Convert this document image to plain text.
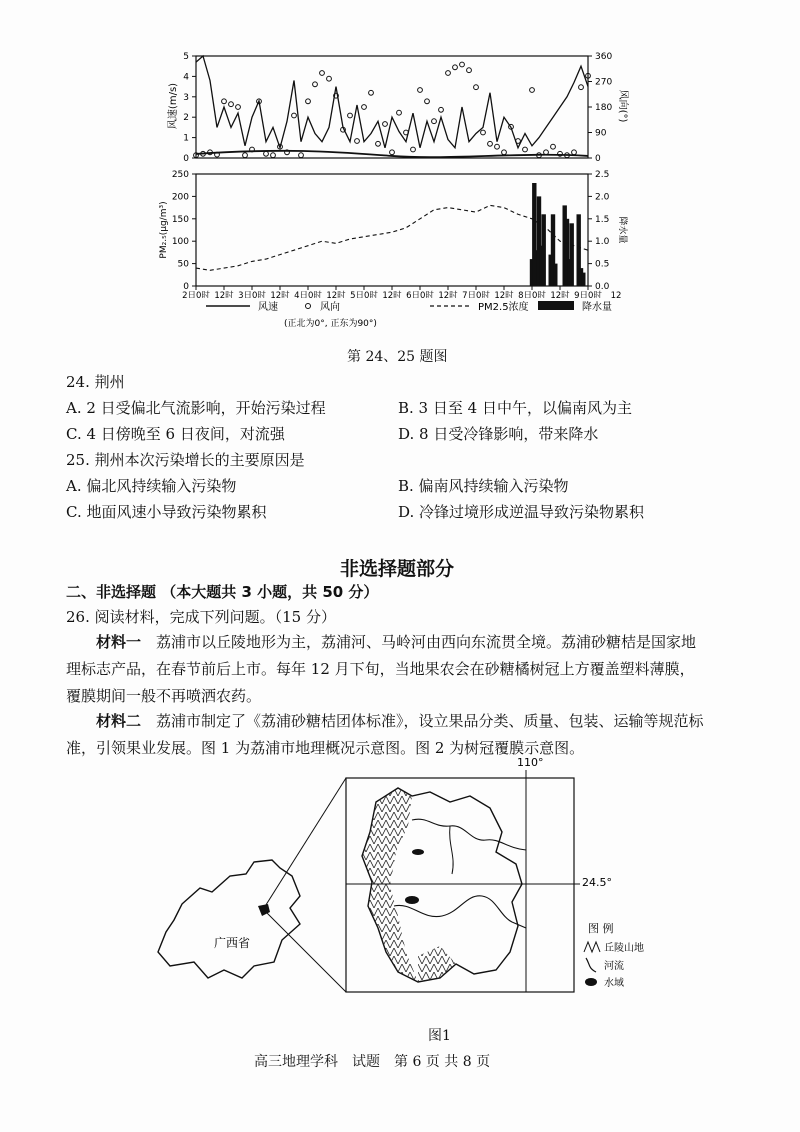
风速(m/s)	风向(°)
0
1
2
3
4
5
0
90
180
270
360
PM₂.₅(μg/m³)	降水量
0
50
100
150
200
250
0.0
0.5
1.0
1.5
2.0
2.5
2日0时 12时 3日0时 12时 4日0时 12时 5日0时 12时 6日0时 12时 7日0时 12时 8日0时 12时 9日0时 12
风速	风向	PM2.5浓度	降水量
(正北为0°, 正东为90°)
第 24、25 题图
24. 荆州
A. 2 日受偏北气流影响，开始污染过程	B. 3 日至 4 日中午，以偏南风为主
C. 4 日傍晚至 6 日夜间，对流强	D. 8 日受冷锋影响，带来降水
25. 荆州本次污染增长的主要原因是
A. 偏北风持续输入污染物	B. 偏南风持续输入污染物
C. 地面风速小导致污染物累积	D. 冷锋过境形成逆温导致污染物累积
非选择题部分
二、非选择题 （本大题共 3 小题，共 50 分）
26. 阅读材料，完成下列问题。（15 分）
材料一　 荔浦市以丘陵地形为主，荔浦河、马岭河由西向东流贯全境。荔浦砂糖桔是国家地理标志产品，在春节前后上市。每年 12 月下旬，当地果农会在砂糖橘树冠上方覆盖塑料薄膜，覆膜期间一般不再喷洒农药。
材料二　 荔浦市制定了《荔浦砂糖桔团体标准》，设立果品分类、质量、包装、运输等规范标准，引领果业发展。图 1 为荔浦市地理概况示意图。图 2 为树冠覆膜示意图。
广西省
110°
24.5°
图 例
丘陵山地
河流
水域
图1
高三地理学科　试题　第 6 页 共 8 页
